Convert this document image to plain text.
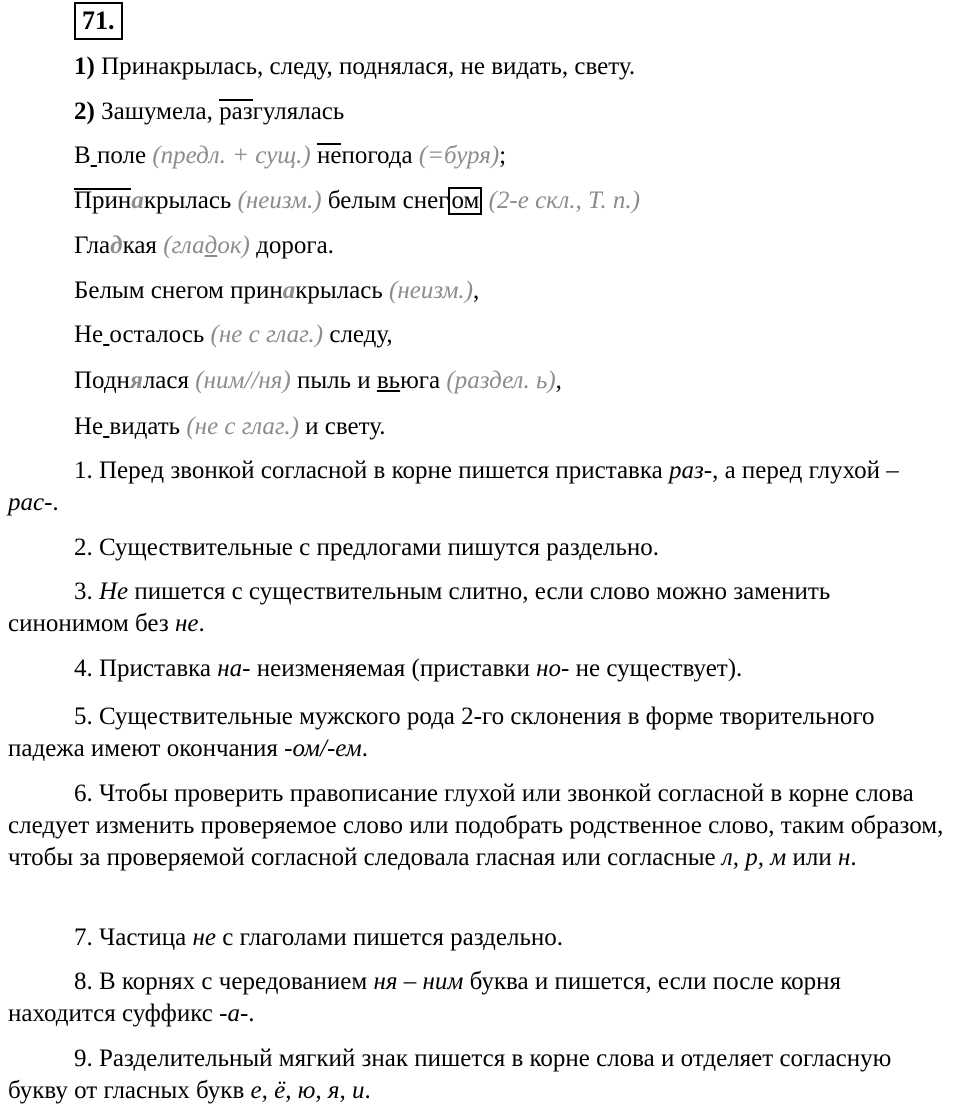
71.
1) Принакрылась, следу, поднялася, не видать, свету.
2) Зашумела, разгулялась
В поле (предл. + сущ.) непогода (=буря);
Принакрылась (неизм.) белым снег ом (2-е скл., Т. п.)
Гладкая (гладок) дорога.
Белым снегом принакрылась (неизм.),
Не осталось (не с глаг.) следу,
Поднялася (ним//ня) пыль и вьюга (раздел. ь),
Не видать (не с глаг.) и свету.
1. Перед звонкой согласной в корне пишется приставка раз-, а перед глухой – рас-.
2. Существительные с предлогами пишутся раздельно.
3. Не пишется с существительным слитно, если слово можно заменить синонимом без не.
4. Приставка на- неизменяемая (приставки но- не существует).
5. Существительные мужского рода 2-го склонения в форме творительного падежа имеют окончания -ом/-ем.
6. Чтобы проверить правописание глухой или звонкой согласной в корне слова следует изменить проверяемое слово или подобрать родственное слово, таким образом, чтобы за проверяемой согласной следовала гласная или согласные л, р, м или н.
7. Частица не с глаголами пишется раздельно.
8. В корнях с чередованием ня – ним буква и пишется, если после корня находится суффикс -а-.
9. Разделительный мягкий знак пишется в корне слова и отделяет согласную букву от гласных букв е, ё, ю, я, и.
